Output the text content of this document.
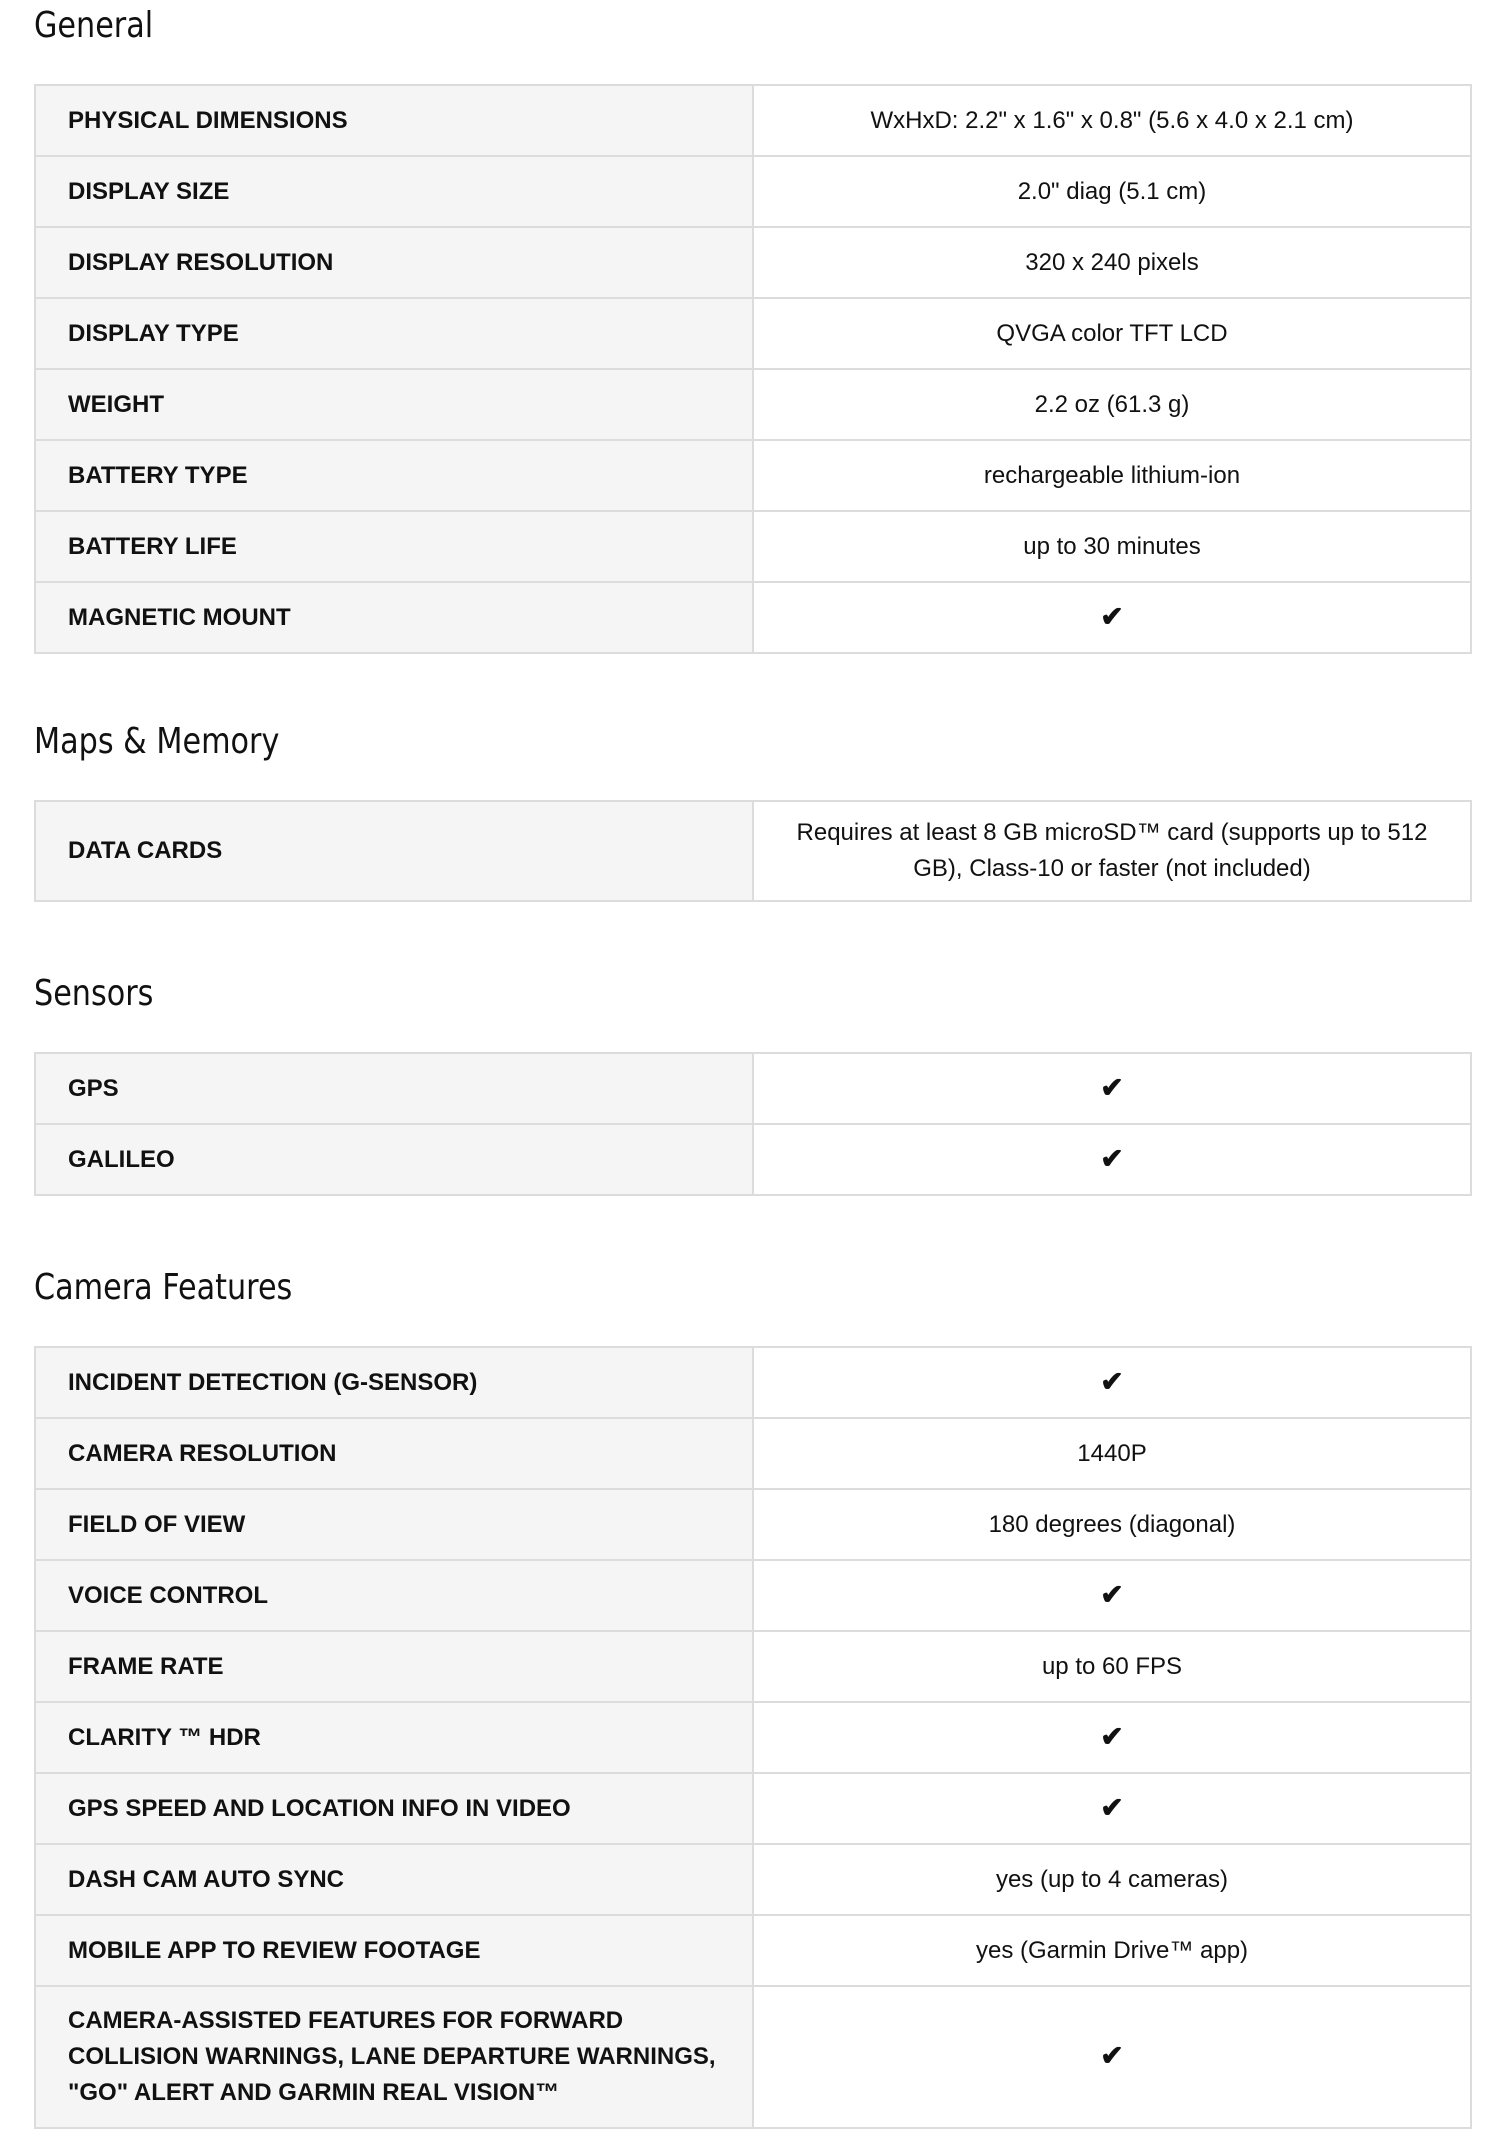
General
PHYSICAL DIMENSIONS	WxHxD: 2.2" x 1.6" x 0.8" (5.6 x 4.0 x 2.1 cm)
DISPLAY SIZE	2.0" diag (5.1 cm)
DISPLAY RESOLUTION	320 x 240 pixels
DISPLAY TYPE	QVGA color TFT LCD
WEIGHT	2.2 oz (61.3 g)
BATTERY TYPE	rechargeable lithium-ion
BATTERY LIFE	up to 30 minutes
MAGNETIC MOUNT	✔
Maps & Memory
DATA CARDS	Requires at least 8 GB microSD™ card (supports up to 512 GB), Class-10 or faster (not included)
Sensors
GPS	✔
GALILEO	✔
Camera Features
INCIDENT DETECTION (G-SENSOR)	✔
CAMERA RESOLUTION	1440P
FIELD OF VIEW	180 degrees (diagonal)
VOICE CONTROL	✔
FRAME RATE	up to 60 FPS
CLARITY ™ HDR	✔
GPS SPEED AND LOCATION INFO IN VIDEO	✔
DASH CAM AUTO SYNC	yes (up to 4 cameras)
MOBILE APP TO REVIEW FOOTAGE	yes (Garmin Drive™ app)
CAMERA-ASSISTED FEATURES FOR FORWARD COLLISION WARNINGS, LANE DEPARTURE WARNINGS, "GO" ALERT AND GARMIN REAL VISION™	✔
